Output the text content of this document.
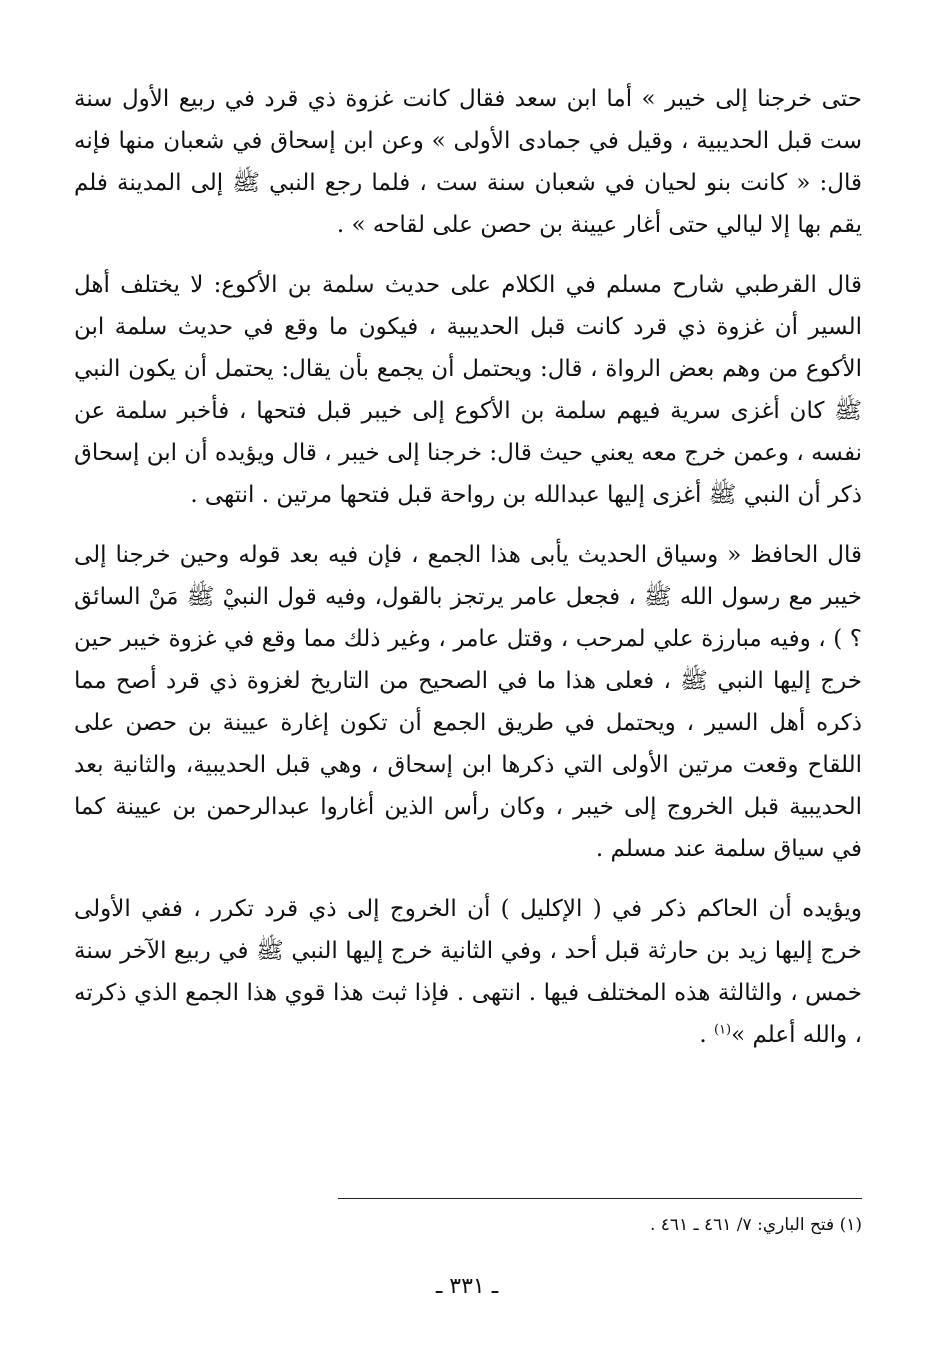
حتى خرجنا إلى خيبر » أما ابن سعد فقال كانت غزوة ذي قرد في ربيع الأول سنة ست قبل الحديبية ، وقيل في جمادى الأولى » وعن ابن إسحاق في شعبان منها فإنه قال: « كانت بنو لحيان في شعبان سنة ست ، فلما رجع النبي ﷺ إلى المدينة فلم يقم بها إلا ليالي حتى أغار عيينة بن حصن على لقاحه » .

قال القرطبي شارح مسلم في الكلام على حديث سلمة بن الأكوع: لا يختلف أهل السير أن غزوة ذي قرد كانت قبل الحديبية ، فيكون ما وقع في حديث سلمة ابن الأكوع من وهم بعض الرواة ، قال: ويحتمل أن يجمع بأن يقال: يحتمل أن يكون النبي ﷺ كان أغزى سرية فيهم سلمة بن الأكوع إلى خيبر قبل فتحها ، فأخبر سلمة عن نفسه ، وعمن خرج معه يعني حيث قال: خرجنا إلى خيبر ، قال ويؤيده أن ابن إسحاق ذكر أن النبي ﷺ أغزى إليها عبدالله بن رواحة قبل فتحها مرتين . انتهى .

قال الحافظ « وسياق الحديث يأبى هذا الجمع ، فإن فيه بعد قوله وحين خرجنا إلى خيبر مع رسول الله ﷺ ، فجعل عامر يرتجز بالقول، وفيه قول النبيْ ﷺ مَنْ السائق ؟ ) ، وفيه مبارزة علي لمرحب ، وقتل عامر ، وغير ذلك مما وقع في غزوة خيبر حين خرج إليها النبي ﷺ ، فعلى هذا ما في الصحيح من التاريخ لغزوة ذي قرد أصح مما ذكره أهل السير ، ويحتمل في طريق الجمع أن تكون إغارة عيينة بن حصن على اللقاح وقعت مرتين الأولى التي ذكرها ابن إسحاق ، وهي قبل الحديبية، والثانية بعد الحديبية قبل الخروج إلى خيبر ، وكان رأس الذين أغاروا عبدالرحمن بن عيينة كما في سياق سلمة عند مسلم .

ويؤيده أن الحاكم ذكر في ( الإكليل ) أن الخروج إلى ذي قرد تكرر ، ففي الأولى خرج إليها زيد بن حارثة قبل أحد ، وفي الثانية خرج إليها النبي ﷺ في ربيع الآخر سنة خمس ، والثالثة هذه المختلف فيها . انتهى . فإذا ثبت هذا قوي هذا الجمع الذي ذكرته ، والله أعلم »$^{(١)}$ .

(١) فتح الباري: ٧/ ٤٦١ ـ ٤٦١ .
ـ ٣٣١ ـ
